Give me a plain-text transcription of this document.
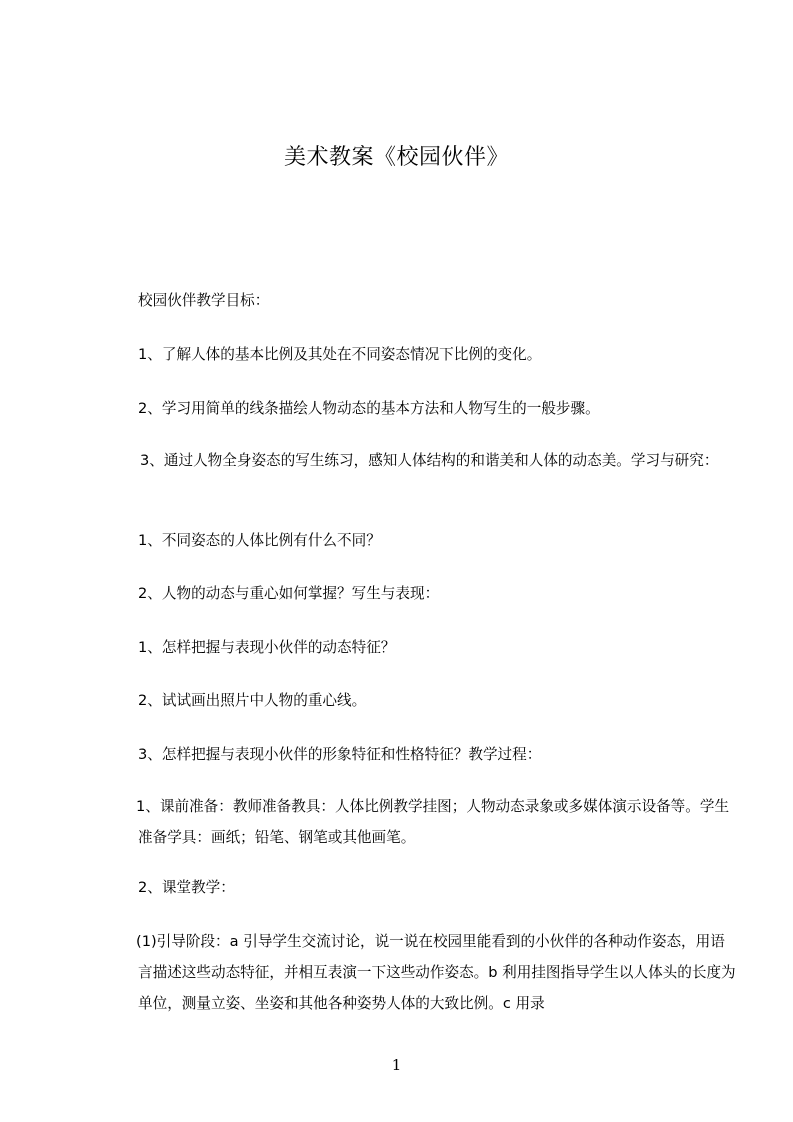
美术教案《校园伙伴》
校园伙伴教学目标：
1、了解人体的基本比例及其处在不同姿态情况下比例的变化。
2、学习用简单的线条描绘人物动态的基本方法和人物写生的一般步骤。
3、通过人物全身姿态的写生练习，感知人体结构的和谐美和人体的动态美。学习与研究：
1、不同姿态的人体比例有什么不同？
2、人物的动态与重心如何掌握？写生与表现：
1、怎样把握与表现小伙伴的动态特征？
2、试试画出照片中人物的重心线。
3、怎样把握与表现小伙伴的形象特征和性格特征？教学过程：
1、课前准备：教师准备教具：人体比例教学挂图；人物动态录象或多媒体演示设备等。学生准备学具：画纸；铅笔、钢笔或其他画笔。
2、课堂教学：
(1)引导阶段：a 引导学生交流讨论，说一说在校园里能看到的小伙伴的各种动作姿态，用语言描述这些动态特征，并相互表演一下这些动作姿态。b 利用挂图指导学生以人体头的长度为单位，测量立姿、坐姿和其他各种姿势人体的大致比例。c 用录
1
